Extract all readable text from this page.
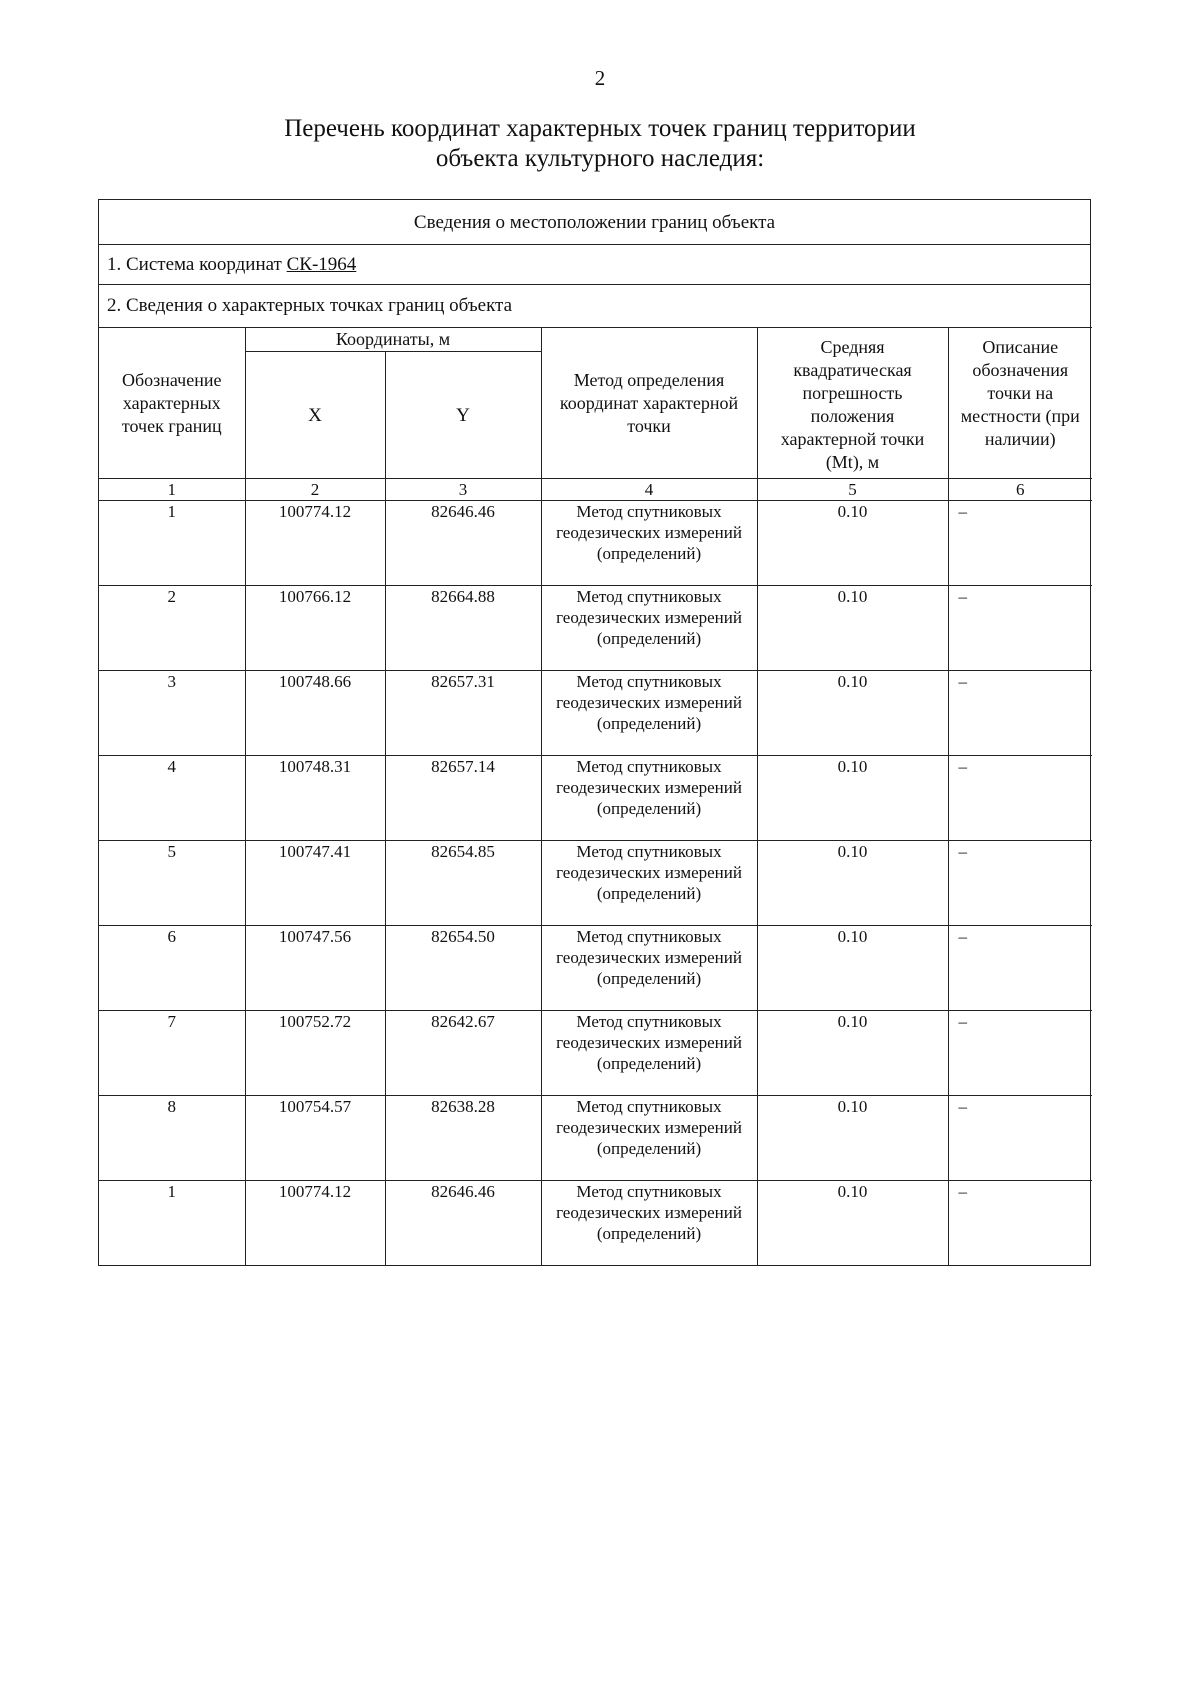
2
Перечень координат характерных точек границ территории
объекта культурного наследия:
Сведения о местоположении границ объекта
1. Система координат СК-1964
2. Сведения о характерных точках границ объекта
Обозначение характерных точек границ	Координаты, м		Метод определения координат характерной точки	Средняя квадратическая погрешность положения характерной точки (Mt), м	Описание обозначения точки на местности (при наличии)
	X	Y			
1	2	3	4	5	6
1	100774.12	82646.46	Метод спутниковых геодезических измерений (определений)	0.10	–
2	100766.12	82664.88	Метод спутниковых геодезических измерений (определений)	0.10	–
3	100748.66	82657.31	Метод спутниковых геодезических измерений (определений)	0.10	–
4	100748.31	82657.14	Метод спутниковых геодезических измерений (определений)	0.10	–
5	100747.41	82654.85	Метод спутниковых геодезических измерений (определений)	0.10	–
6	100747.56	82654.50	Метод спутниковых геодезических измерений (определений)	0.10	–
7	100752.72	82642.67	Метод спутниковых геодезических измерений (определений)	0.10	–
8	100754.57	82638.28	Метод спутниковых геодезических измерений (определений)	0.10	–
1	100774.12	82646.46	Метод спутниковых геодезических измерений (определений)	0.10	–
